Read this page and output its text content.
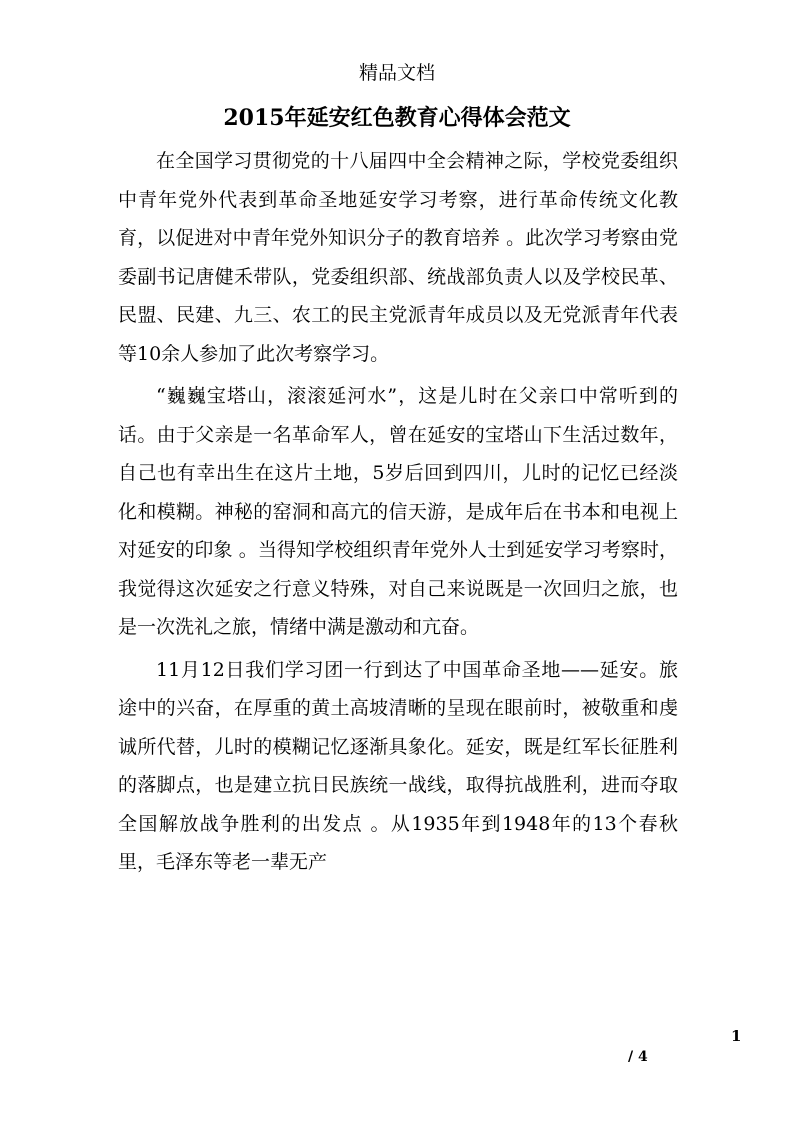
精品文档
2015年延安红色教育心得体会范文

在全国学习贯彻党的十八届四中全会精神之际，学校党委组织中青年党外代表到革命圣地延安学习考察，进行革命传统文化教育，以促进对中青年党外知识分子的教育培养 。此次学习考察由党委副书记唐健禾带队，党委组织部、统战部负责人以及学校民革、民盟、民建、九三、农工的民主党派青年成员以及无党派青年代表等10余人参加了此次考察学习。

“巍巍宝塔山，滚滚延河水”，这是儿时在父亲口中常听到的话。由于父亲是一名革命军人，曾在延安的宝塔山下生活过数年，自己也有幸出生在这片土地，5岁后回到四川，儿时的记忆已经淡化和模糊。神秘的窑洞和高亢的信天游，是成年后在书本和电视上对延安的印象 。当得知学校组织青年党外人士到延安学习考察时，我觉得这次延安之行意义特殊，对自己来说既是一次回归之旅，也是一次洗礼之旅，情绪中满是激动和亢奋。

11月12日我们学习团一行到达了中国革命圣地——延安。旅途中的兴奋，在厚重的黄土高坡清晰的呈现在眼前时，被敬重和虔诚所代替，儿时的模糊记忆逐渐具象化。延安，既是红军长征胜利的落脚点，也是建立抗日民族统一战线，取得抗战胜利，进而夺取全国解放战争胜利的出发点 。从1935年到1948年的13个春秋里，毛泽东等老一辈无产

1
/ 4
